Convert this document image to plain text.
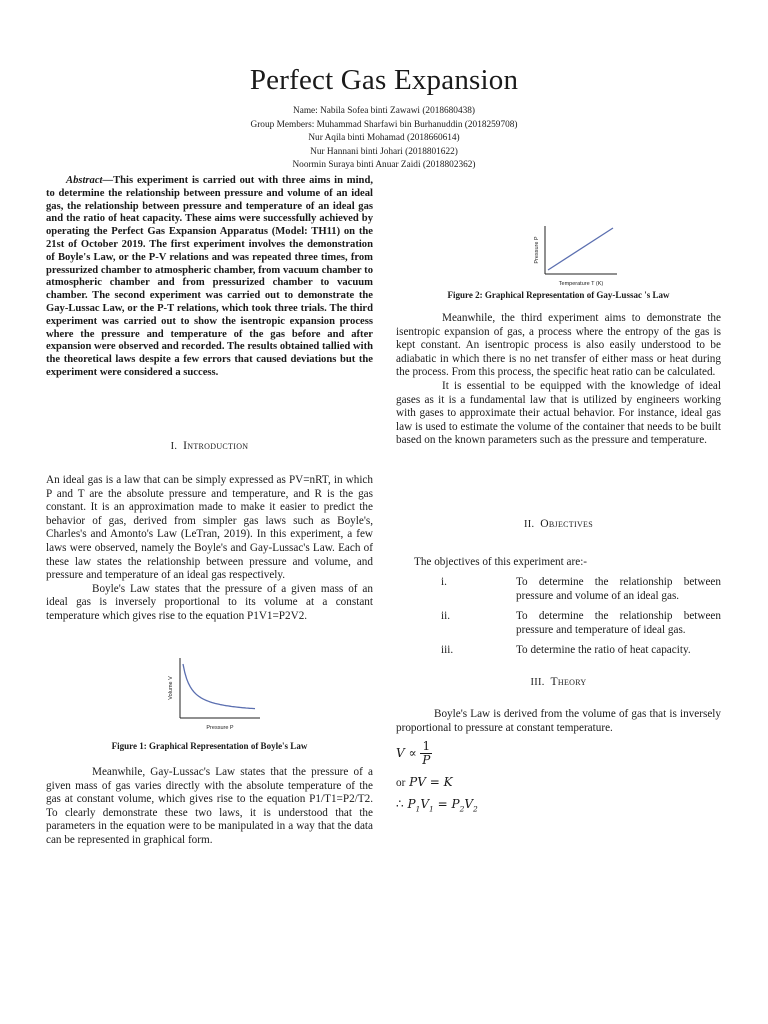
Perfect Gas Expansion
Name: Nabila Sofea binti Zawawi (2018680438)
Group Members: Muhammad Sharfawi bin Burhanuddin (2018259708)
Nur Aqila binti Mohamad (2018660614)
Nur Hannani binti Johari (2018801622)
Noormin Suraya binti Anuar Zaidi (2018802362)

Abstract—This experiment is carried out with three aims in mind, to determine the relationship between pressure and volume of an ideal gas, the relationship between pressure and temperature of an ideal gas and the ratio of heat capacity. These aims were successfully achieved by operating the Perfect Gas Expansion Apparatus (Model: TH11) on the 21st of October 2019. The first experiment involves the demonstration of Boyle's Law, or the P-V relations and was repeated three times, from pressurized chamber to atmospheric chamber, from vacuum chamber to atmospheric chamber and from pressurized chamber to vacuum chamber. The second experiment was carried out to demonstrate the Gay-Lussac Law, or the P-T relations, which took three trials. The third experiment was carried out to show the isentropic expansion process where the pressure and temperature of the gas before and after expansion were observed and recorded. The results obtained tallied with the theoretical laws despite a few errors that caused deviations but the experiment were considered a success.

I. Introduction

An ideal gas is a law that can be simply expressed as PV=nRT, in which P and T are the absolute pressure and temperature, and R is the gas constant. It is an approximation made to make it easier to predict the behavior of gas, derived from simpler gas laws such as Boyle's, Charles's and Amonto's Law (LeTran, 2019). In this experiment, a few laws were observed, namely the Boyle's and Gay-Lussac's Law. Each of these law states the relationship between pressure and volume, and pressure and temperature of an ideal gas respectively.

Boyle's Law states that the pressure of a given mass of an ideal gas is inversely proportional to its volume at a constant temperature which gives rise to the equation P1V1=P2V2.

Pressure P
Volume V
Figure 1: Graphical Representation of Boyle's Law

Meanwhile, Gay-Lussac's Law states that the pressure of a given mass of gas varies directly with the absolute temperature of the gas at constant volume, which gives rise to the equation P1/T1=P2/T2. To clearly demonstrate these two laws, it is understood that the parameters in the equation were to be manipulated in a way that the data can be represented in graphical form.

Temperature T (K)
Pressure P
Figure 2: Graphical Representation of Gay-Lussac 's Law

Meanwhile, the third experiment aims to demonstrate the isentropic expansion of gas, a process where the entropy of the gas is kept constant. An isentropic process is also easily understood to be adiabatic in which there is no net transfer of either mass or heat during the process. From this process, the specific heat ratio can be calculated.

It is essential to be equipped with the knowledge of ideal gases as it is a fundamental law that is utilized by engineers working with gases to approximate their actual behavior. For instance, ideal gas law is used to estimate the volume of the container that needs to be built based on the known parameters such as the pressure and temperature.

II. Objectives
The objectives of this experiment are:-
i.	To determine the relationship between pressure and volume of an ideal gas.
ii.	To determine the relationship between pressure and temperature of ideal gas.
iii.	To determine the ratio of heat capacity.
III. Theory

Boyle's Law is derived from the volume of gas that is inversely proportional to pressure at constant temperature.

$V \propto \frac{1}{P}$
or PV = K
∴ $P_1V_1 = P_2V_2$
